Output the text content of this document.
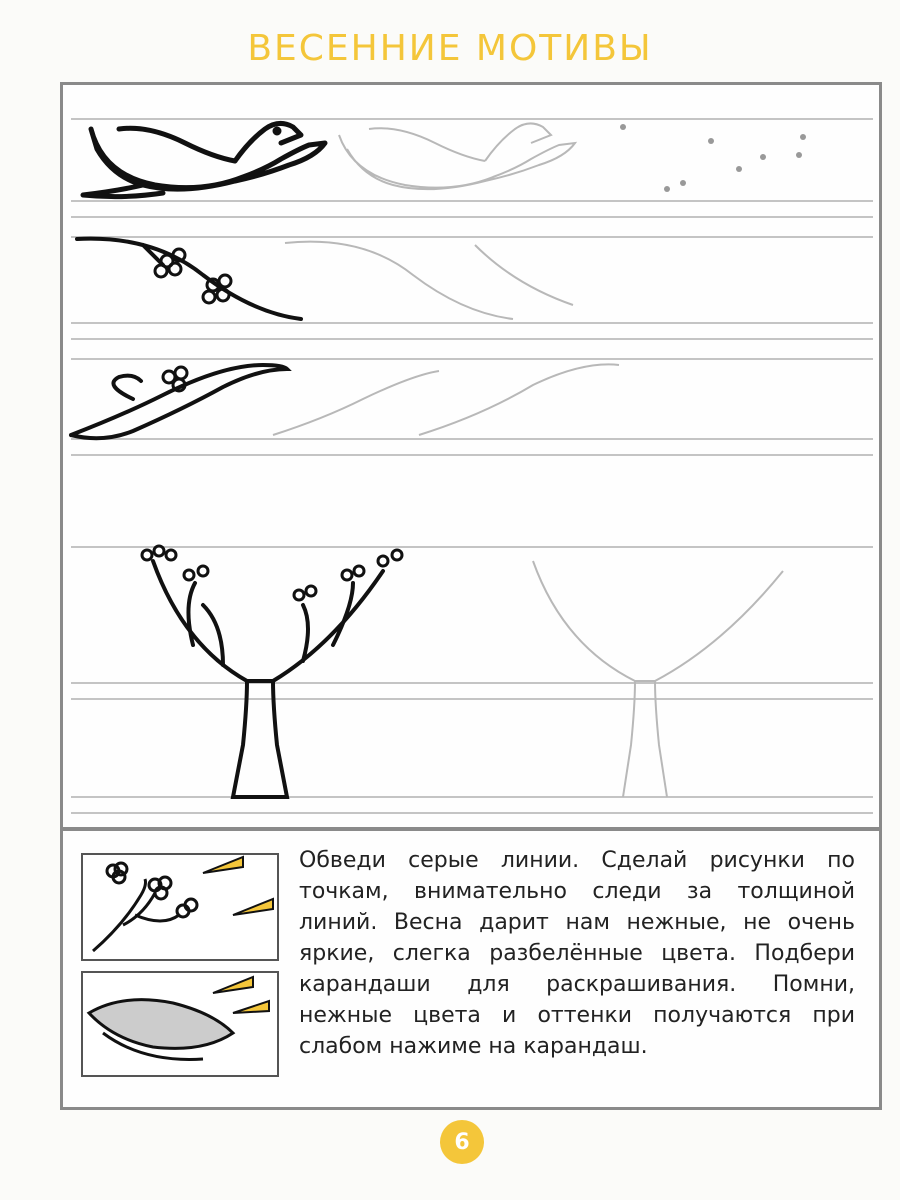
ВЕСЕННИЕ МОТИВЫ
Обведи серые линии. Сделай рисунки по точкам, внимательно следи за толщиной линий. Весна дарит нам нежные, не очень яркие, слегка разбелённые цвета. Подбери карандаши для раскрашивания. Помни, нежные цвета и оттенки получаются при слабом нажиме на карандаш.
6
